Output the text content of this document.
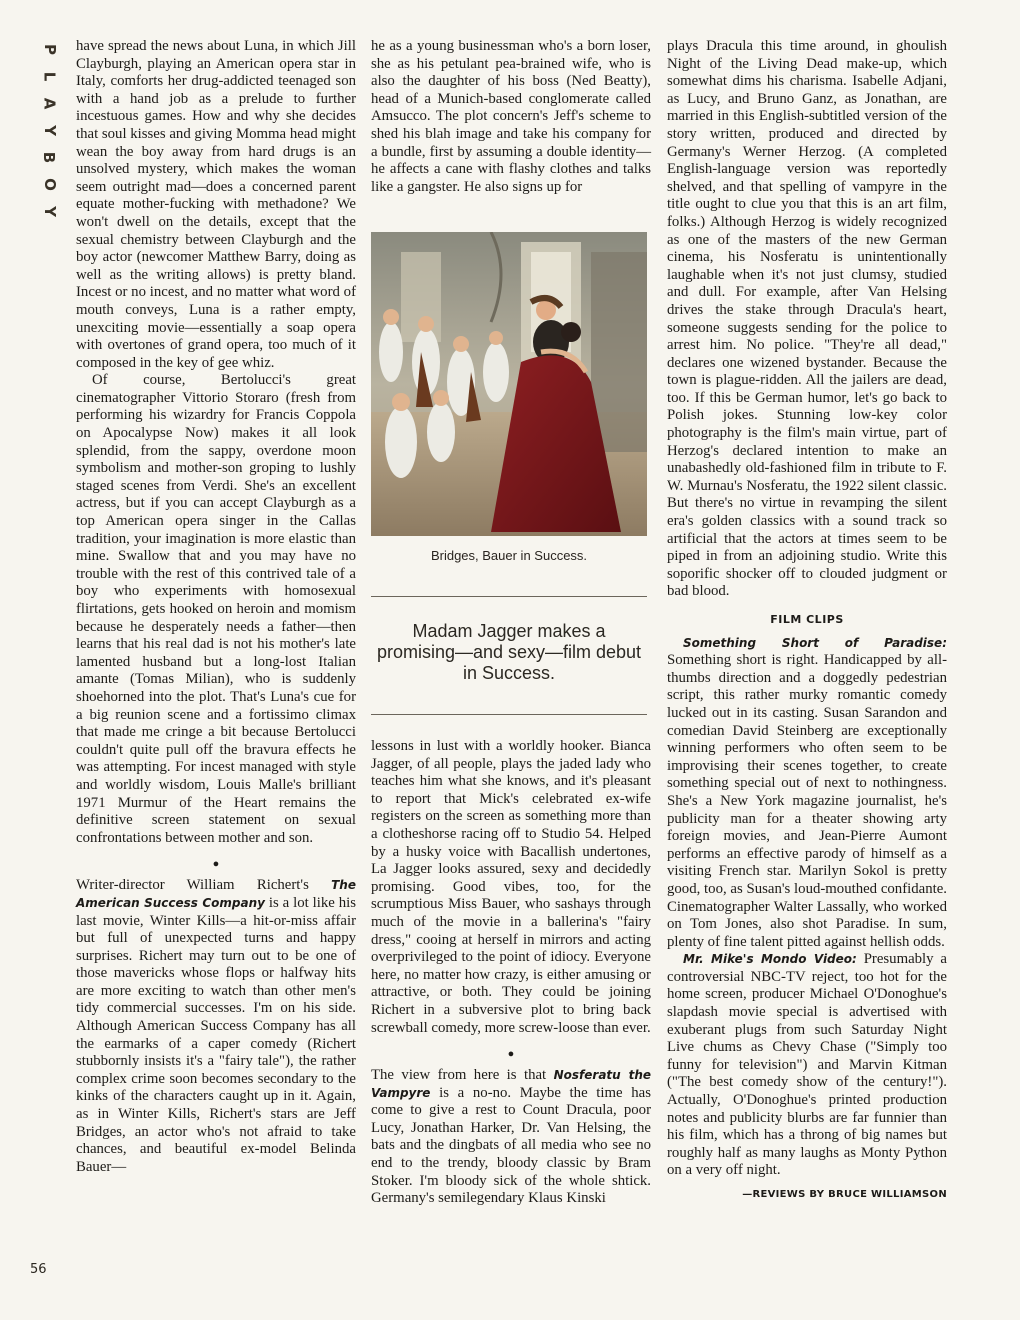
P
L
A
Y
B
O
Y
56

have spread the news about Luna, in which Jill Clayburgh, playing an American opera star in Italy, comforts her drug-addicted teenaged son with a hand job as a prelude to further incestuous games. How and why she decides that soul kisses and giving Momma head might wean the boy away from hard drugs is an unsolved mystery, which makes the woman seem outright mad—does a concerned parent equate mother-fucking with methadone? We won't dwell on the details, except that the sexual chemistry between Clayburgh and the boy actor (newcomer Matthew Barry, doing as well as the writing allows) is pretty bland. Incest or no incest, and no matter what word of mouth conveys, Luna is a rather empty, unexciting movie—essentially a soap opera with overtones of grand opera, too much of it composed in the key of gee whiz.

Of course, Bertolucci's great cinematographer Vittorio Storaro (fresh from performing his wizardry for Francis Coppola on Apocalypse Now) makes it all look splendid, from the sappy, overdone moon symbolism and mother-son groping to lushly staged scenes from Verdi. She's an excellent actress, but if you can accept Clayburgh as a top American opera singer in the Callas tradition, your imagination is more elastic than mine. Swallow that and you may have no trouble with the rest of this contrived tale of a boy who experiments with homosexual flirtations, gets hooked on heroin and momism because he desperately needs a father—then learns that his real dad is not his mother's late lamented husband but a long-lost Italian amante (Tomas Milian), who is suddenly shoehorned into the plot. That's Luna's cue for a big reunion scene and a fortissimo climax that made me cringe a bit because Bertolucci couldn't quite pull off the bravura effects he was attempting. For incest managed with style and worldly wisdom, Louis Malle's brilliant 1971 Murmur of the Heart remains the definitive screen statement on sexual confrontations between mother and son.

●

Writer-director William Richert's The American Success Company is a lot like his last movie, Winter Kills—a hit-or-miss affair but full of unexpected turns and happy surprises. Richert may turn out to be one of those mavericks whose flops or halfway hits are more exciting to watch than other men's tidy commercial successes. I'm on his side. Although American Success Company has all the earmarks of a caper comedy (Richert stubbornly insists it's a "fairy tale"), the rather complex crime soon becomes secondary to the kinks of the characters caught up in it. Again, as in Winter Kills, Richert's stars are Jeff Bridges, an actor who's not afraid to take chances, and beautiful ex-model Belinda Bauer—

he as a young businessman who's a born loser, she as his petulant pea-brained wife, who is also the daughter of his boss (Ned Beatty), head of a Munich-based conglomerate called Amsucco. The plot concern's Jeff's scheme to shed his blah image and take his company for a bundle, first by assuming a double identity—he affects a cane with flashy clothes and talks like a gangster. He also signs up for

Bridges, Bauer in Success.
Madam Jagger makes a promising—and sexy—film debut in Success.

lessons in lust with a worldly hooker. Bianca Jagger, of all people, plays the jaded lady who teaches him what she knows, and it's pleasant to report that Mick's celebrated ex-wife registers on the screen as something more than a clotheshorse racing off to Studio 54. Helped by a husky voice with Bacallish undertones, La Jagger looks assured, sexy and decidedly promising. Good vibes, too, for the scrumptious Miss Bauer, who sashays through much of the movie in a ballerina's "fairy dress," cooing at herself in mirrors and acting overprivileged to the point of idiocy. Everyone here, no matter how crazy, is either amusing or attractive, or both. They could be joining Richert in a subversive plot to bring back screwball comedy, more screw-loose than ever.

●

The view from here is that Nosferatu the Vampyre is a no-no. Maybe the time has come to give a rest to Count Dracula, poor Lucy, Jonathan Harker, Dr. Van Helsing, the bats and the dingbats of all media who see no end to the trendy, bloody classic by Bram Stoker. I'm bloody sick of the whole shtick. Germany's semilegendary Klaus Kinski

plays Dracula this time around, in ghoulish Night of the Living Dead make-up, which somewhat dims his charisma. Isabelle Adjani, as Lucy, and Bruno Ganz, as Jonathan, are married in this English-subtitled version of the story written, produced and directed by Germany's Werner Herzog. (A completed English-language version was reportedly shelved, and that spelling of vampyre in the title ought to clue you that this is an art film, folks.) Although Herzog is widely recognized as one of the masters of the new German cinema, his Nosferatu is unintentionally laughable when it's not just clumsy, studied and dull. For example, after Van Helsing drives the stake through Dracula's heart, someone suggests sending for the police to arrest him. No police. "They're all dead," declares one wizened bystander. Because the town is plague-ridden. All the jailers are dead, too. If this be German humor, let's go back to Polish jokes. Stunning low-key color photography is the film's main virtue, part of Herzog's declared intention to make an unabashedly old-fashioned film in tribute to F. W. Murnau's Nosferatu, the 1922 silent classic. But there's no virtue in revamping the silent era's golden classics with a sound track so artificial that the actors at times seem to be piped in from an adjoining studio. Write this soporific shocker off to clouded judgment or bad blood.

FILM CLIPS

Something Short of Paradise: Something short is right. Handicapped by all-thumbs direction and a doggedly pedestrian script, this rather murky romantic comedy lucked out in its casting. Susan Sarandon and comedian David Steinberg are exceptionally winning performers who often seem to be improvising their scenes together, to create something special out of next to nothingness. She's a New York magazine journalist, he's publicity man for a theater showing arty foreign movies, and Jean-Pierre Aumont performs an effective parody of himself as a visiting French star. Marilyn Sokol is pretty good, too, as Susan's loud-mouthed confidante. Cinematographer Walter Lassally, who worked on Tom Jones, also shot Paradise. In sum, plenty of fine talent pitted against hellish odds.

Mr. Mike's Mondo Video: Presumably a controversial NBC-TV reject, too hot for the home screen, producer Michael O'Donoghue's slapdash movie special is advertised with exuberant plugs from such Saturday Night Live chums as Chevy Chase ("Simply too funny for television") and Marvin Kitman ("The best comedy show of the century!"). Actually, O'Donoghue's printed production notes and publicity blurbs are far funnier than his film, which has a throng of big names but roughly half as many laughs as Monty Python on a very off night.

—REVIEWS BY BRUCE WILLIAMSON
